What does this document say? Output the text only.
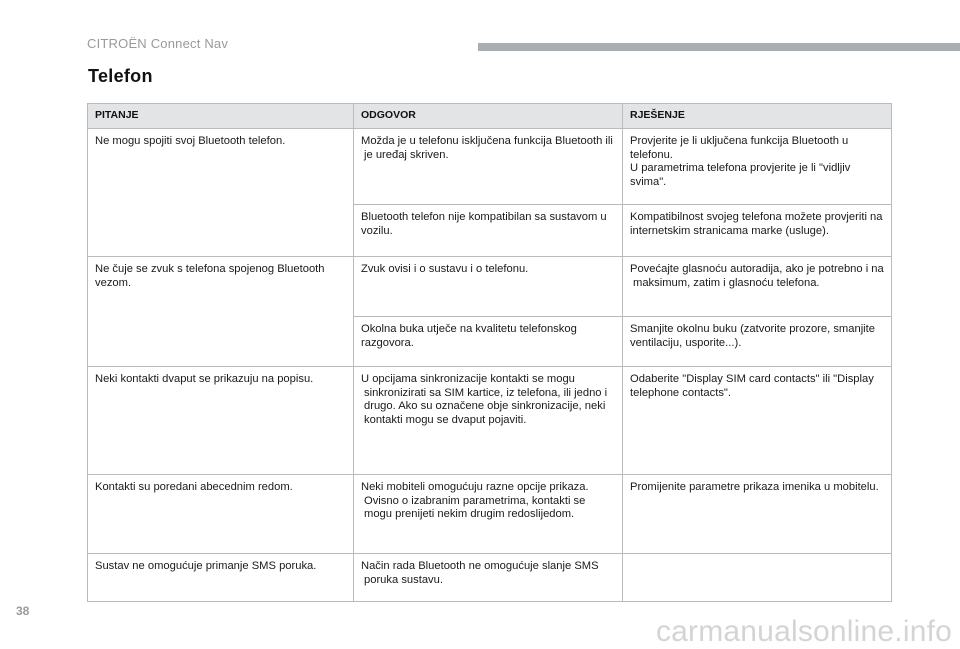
CITROËN Connect Nav
Telefon
PITANJE	ODGOVOR	RJEŠENJE
Ne mogu spojiti svoj Bluetooth telefon.	Možda je u telefonu isključena funkcija Bluetooth ili je uređaj skriven.	Provjerite je li uključena funkcija Bluetooth u telefonu.
U parametrima telefona provjerite je li "vidljiv svima".

	Bluetooth telefon nije kompatibilan sa sustavom u vozilu.	Kompatibilnost svojeg telefona možete provjeriti na internetskim stranicama marke (usluge).
Ne čuje se zvuk s telefona spojenog Bluetooth vezom.	Zvuk ovisi i o sustavu i o telefonu.	Povećajte glasnoću autoradija, ako je potrebno i na maksimum, zatim i glasnoću telefona.
	Okolna buka utječe na kvalitetu telefonskog razgovora.	Smanjite okolnu buku (zatvorite prozore, smanjite ventilaciju, usporite...).
Neki kontakti dvaput se prikazuju na popisu.	U opcijama sinkronizacije kontakti se mogu sinkronizirati sa SIM kartice, iz telefona, ili jedno i drugo. Ako su označene obje sinkronizacije, neki kontakti mogu se dvaput pojaviti.	Odaberite "Display SIM card contacts" ili "Display telephone contacts".
Kontakti su poredani abecednim redom.	Neki mobiteli omogućuju razne opcije prikaza. Ovisno o izabranim parametrima, kontakti se mogu prenijeti nekim drugim redoslijedom.	Promijenite parametre prikaza imenika u mobitelu.
Sustav ne omogućuje primanje SMS poruka.	Način rada Bluetooth ne omogućuje slanje SMS poruka sustavu.	
38
carmanualsonline.info
